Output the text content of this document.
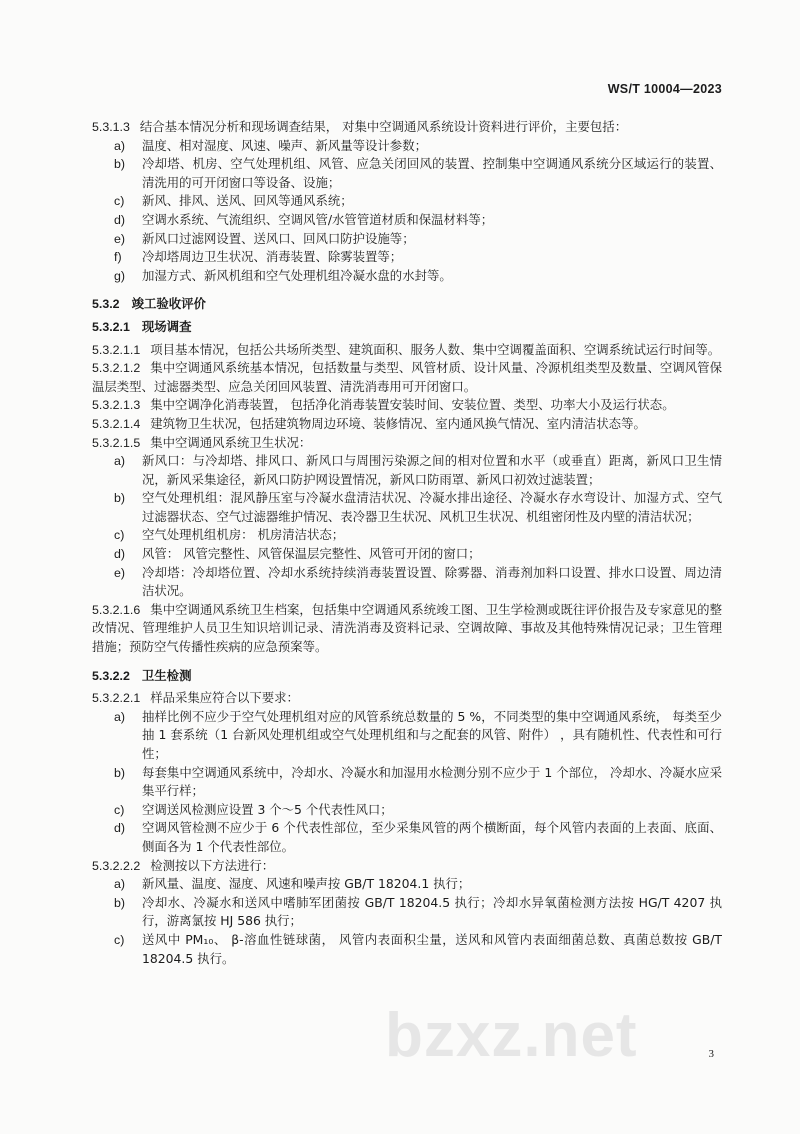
WS/T 10004—2023

5.3.1.3 结合基本情况分析和现场调查结果， 对集中空调通风系统设计资料进行评价，主要包括：

a)	温度、相对湿度、风速、噪声、新风量等设计参数；
b)	冷却塔、机房、空气处理机组、风管、应急关闭回风的装置、控制集中空调通风系统分区域运行的装置、清洗用的可开闭窗口等设备、设施；
c)	新风、排风、送风、回风等通风系统；
d)	空调水系统、气流组织、空调风管/水管管道材质和保温材料等；
e)	新风口过滤网设置、送风口、回风口防护设施等；
f)	冷却塔周边卫生状况、消毒装置、除雾装置等；
g)	加湿方式、新风机组和空气处理机组冷凝水盘的水封等。

5.3.2 竣工验收评价

5.3.2.1 现场调查

5.3.2.1.1 项目基本情况，包括公共场所类型、建筑面积、服务人数、集中空调覆盖面积、空调系统试运行时间等。

5.3.2.1.2 集中空调通风系统基本情况，包括数量与类型、风管材质、设计风量、冷源机组类型及数量、空调风管保温层类型、过滤器类型、应急关闭回风装置、清洗消毒用可开闭窗口。

5.3.2.1.3 集中空调净化消毒装置， 包括净化消毒装置安装时间、安装位置、类型、功率大小及运行状态。

5.3.2.1.4 建筑物卫生状况，包括建筑物周边环境、装修情况、室内通风换气情况、室内清洁状态等。

5.3.2.1.5 集中空调通风系统卫生状况：

a)	新风口：与冷却塔、排风口、新风口与周围污染源之间的相对位置和水平（或垂直）距离，新风口卫生情况，新风采集途径，新风口防护网设置情况，新风口防雨罩、新风口初效过滤装置；
b)	空气处理机组：混风静压室与冷凝水盘清洁状况、冷凝水排出途径、冷凝水存水弯设计、加湿方式、空气过滤器状态、空气过滤器维护情况、表冷器卫生状况、风机卫生状况、机组密闭性及内壁的清洁状况；
c)	空气处理机组机房： 机房清洁状态；
d)	风管： 风管完整性、风管保温层完整性、风管可开闭的窗口；
e)	冷却塔：冷却塔位置、冷却水系统持续消毒装置设置、除雾器、消毒剂加料口设置、排水口设置、周边清洁状况。

5.3.2.1.6 集中空调通风系统卫生档案，包括集中空调通风系统竣工图、卫生学检测或既往评价报告及专家意见的整改情况、管理维护人员卫生知识培训记录、清洗消毒及资料记录、空调故障、事故及其他特殊情况记录；卫生管理措施；预防空气传播性疾病的应急预案等。

5.3.2.2 卫生检测

5.3.2.2.1 样品采集应符合以下要求：

a)	抽样比例不应少于空气处理机组对应的风管系统总数量的 5 %，不同类型的集中空调通风系统， 每类至少抽 1 套系统（1 台新风处理机组或空气处理机组和与之配套的风管、附件） ，具有随机性、代表性和可行性；
b)	每套集中空调通风系统中，冷却水、冷凝水和加湿用水检测分别不应少于 1 个部位， 冷却水、冷凝水应采集平行样；
c)	空调送风检测应设置 3 个～5 个代表性风口；
d)	空调风管检测不应少于 6 个代表性部位，至少采集风管的两个横断面，每个风管内表面的上表面、底面、侧面各为 1 个代表性部位。

5.3.2.2.2 检测按以下方法进行：

a)	新风量、温度、湿度、风速和噪声按 GB/T 18204.1 执行；
b)	冷却水、冷凝水和送风中嗜肺军团菌按 GB/T 18204.5 执行；冷却水异氧菌检测方法按 HG/T 4207 执行，游离氯按 HJ 586 执行；
c)	送风中 PM₁₀、 β-溶血性链球菌， 风管内表面积尘量，送风和风管内表面细菌总数、真菌总数按 GB/T 18204.5 执行。
bzxz.net	3
